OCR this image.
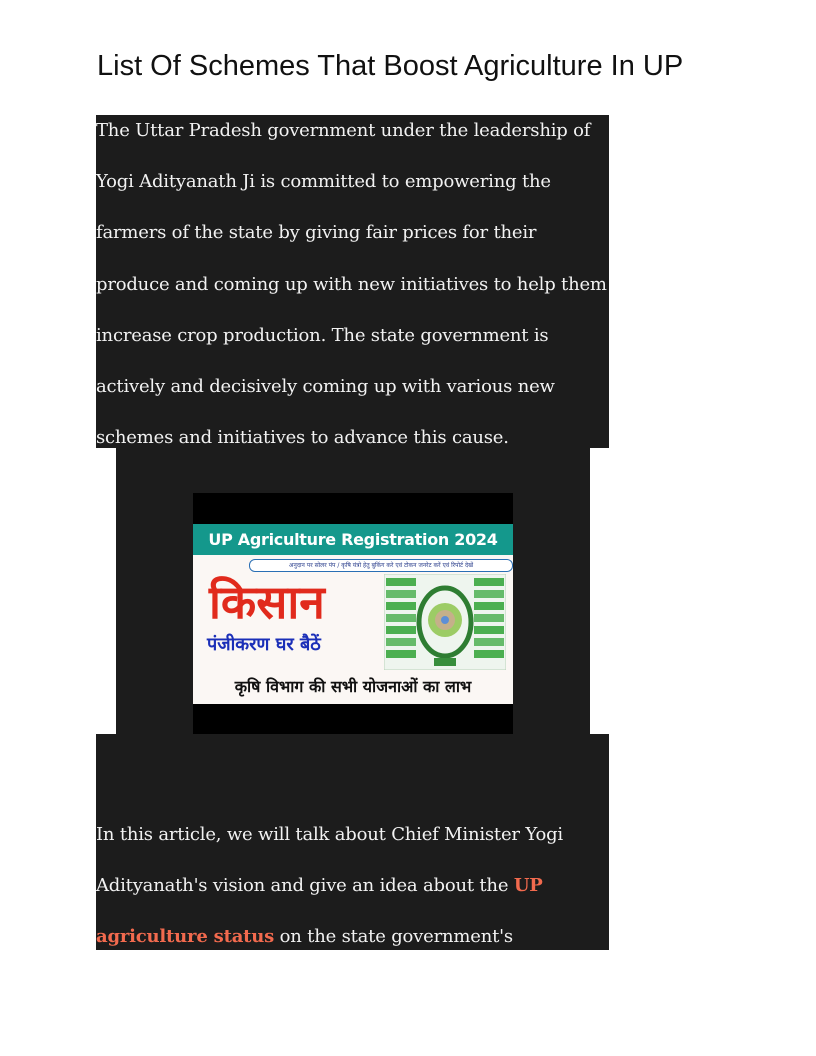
List Of Schemes That Boost Agriculture In UP

The Uttar Pradesh government under the leadership of Yogi Adityanath Ji is committed to empowering the farmers of the state by giving fair prices for their produce and coming up with new initiatives to help them increase crop production. The state government is actively and decisively coming up with various new schemes and initiatives to advance this cause.

UP Agriculture Registration 2024
अनुदान पर सोलर पंप / कृषि यंत्रो हेतु बुकिंग करे एवं टोकन जनरेट करें एवं रिपोर्ट देखें
किसान
पंजीकरण घर बैठें
कृषि विभाग की सभी योजनाओं का लाभ

In this article, we will talk about Chief Minister Yogi Adityanath's vision and give an idea about the UP agriculture status on the state government's
